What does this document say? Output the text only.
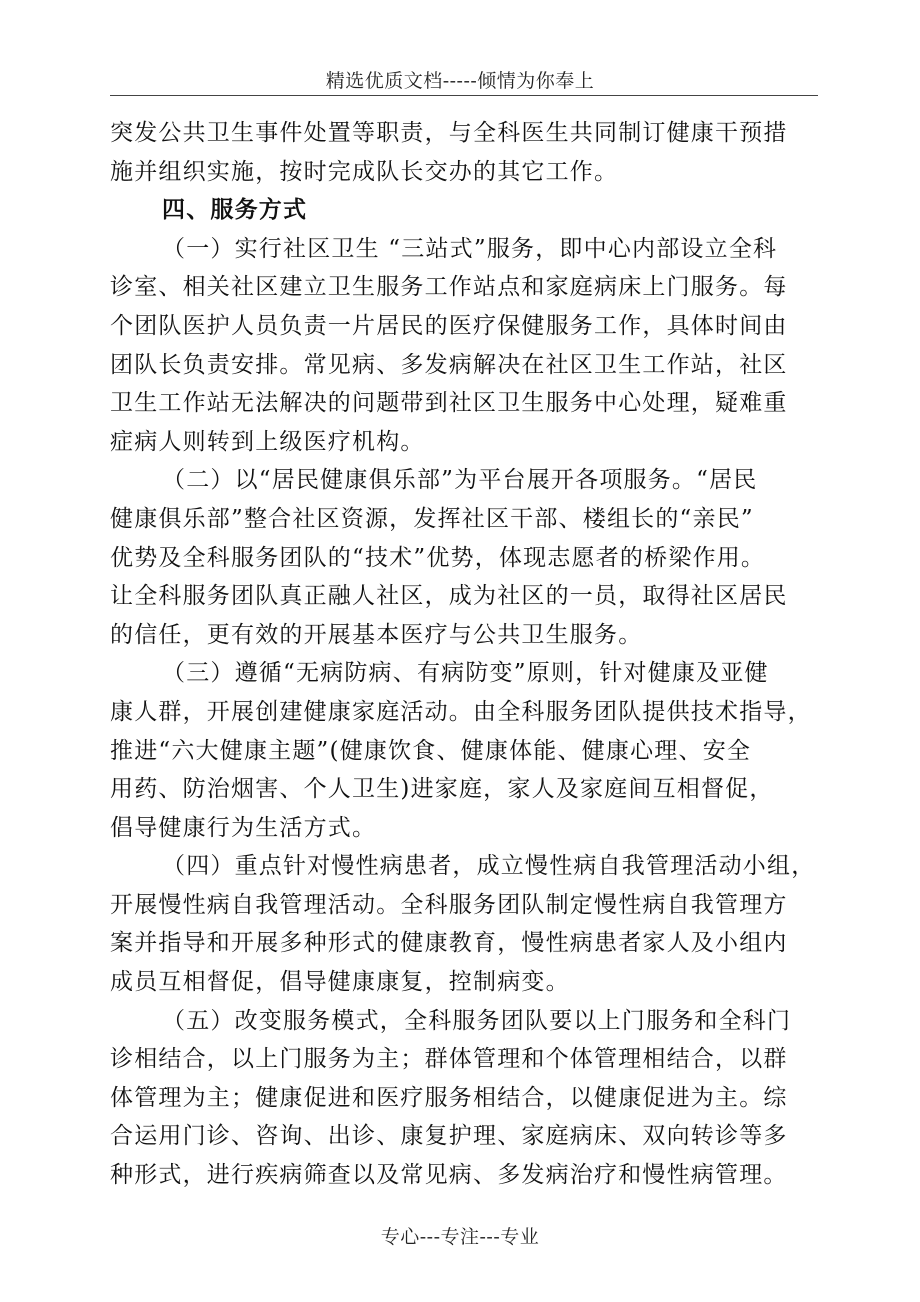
精选优质文档-----倾情为你奉上
突发公共卫生事件处置等职责，与全科医生共同制订健康干预措
施并组织实施，按时完成队长交办的其它工作。
四、服务方式
（一）实行社区卫生 “三站式”服务，即中心内部设立全科
诊室、相关社区建立卫生服务工作站点和家庭病床上门服务。每
个团队医护人员负责一片居民的医疗保健服务工作，具体时间由
团队长负责安排。常见病、多发病解决在社区卫生工作站，社区
卫生工作站无法解决的问题带到社区卫生服务中心处理，疑难重
症病人则转到上级医疗机构。
（二）以“居民健康俱乐部”为平台展开各项服务。“居民
健康俱乐部”整合社区资源，发挥社区干部、楼组长的“亲民”
优势及全科服务团队的“技术”优势，体现志愿者的桥梁作用。
让全科服务团队真正融人社区，成为社区的一员，取得社区居民
的信任，更有效的开展基本医疗与公共卫生服务。
（三）遵循“无病防病、有病防变”原则，针对健康及亚健
康人群，开展创建健康家庭活动。由全科服务团队提供技术指导，
推进“六大健康主题”(健康饮食、健康体能、健康心理、安全
用药、防治烟害、个人卫生)进家庭，家人及家庭间互相督促，
倡导健康行为生活方式。
（四）重点针对慢性病患者，成立慢性病自我管理活动小组，
开展慢性病自我管理活动。全科服务团队制定慢性病自我管理方
案并指导和开展多种形式的健康教育，慢性病患者家人及小组内
成员互相督促，倡导健康康复，控制病变。
（五）改变服务模式，全科服务团队要以上门服务和全科门
诊相结合，以上门服务为主；群体管理和个体管理相结合，以群
体管理为主；健康促进和医疗服务相结合，以健康促进为主。综
合运用门诊、咨询、出诊、康复护理、家庭病床、双向转诊等多
种形式，进行疾病筛查以及常见病、多发病治疗和慢性病管理。
专心---专注---专业
